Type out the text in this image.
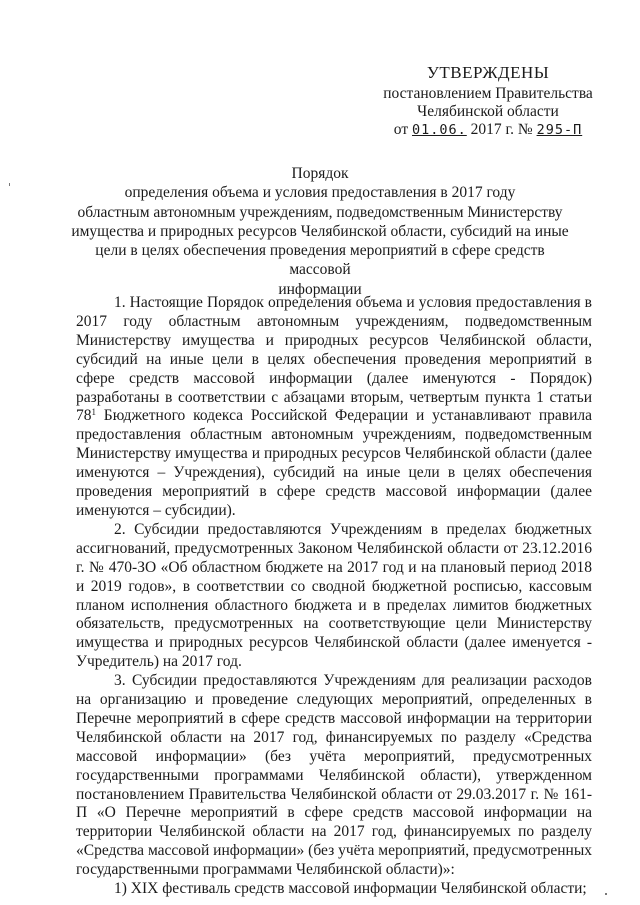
УТВЕРЖДЕНЫ
постановлением Правительства
Челябинской области
от 01.06. 2017 г. № 295-П
Порядок
определения объема и условия предоставления в 2017 году
областным автономным учреждениям, подведомственным Министерству
имущества и природных ресурсов Челябинской области, субсидий на иные
цели в целях обеспечения проведения мероприятий в сфере средств массовой
информации

1. Настоящие Порядок определения объема и условия предоставления в 2017 году областным автономным учреждениям, подведомственным Министерству имущества и природных ресурсов Челябинской области, субсидий на иные цели в целях обеспечения проведения мероприятий в сфере средств массовой информации (далее именуются - Порядок) разработаны в соответствии с абзацами вторым, четвертым пункта 1 статьи $78^1$ Бюджетного кодекса Российской Федерации и устанавливают правила предоставления областным автономным учреждениям, подведомственным Министерству имущества и природных ресурсов Челябинской области (далее именуются – Учреждения), субсидий на иные цели в целях обеспечения проведения мероприятий в сфере средств массовой информации (далее именуются – субсидии).

2. Субсидии предоставляются Учреждениям в пределах бюджетных ассигнований, предусмотренных Законом Челябинской области от 23.12.2016 г. № 470-ЗО «Об областном бюджете на 2017 год и на плановый период 2018 и 2019 годов», в соответствии со сводной бюджетной росписью, кассовым планом исполнения областного бюджета и в пределах лимитов бюджетных обязательств, предусмотренных на соответствующие цели Министерству имущества и природных ресурсов Челябинской области (далее именуется - Учредитель) на 2017 год.

3. Субсидии предоставляются Учреждениям для реализации расходов на организацию и проведение следующих мероприятий, определенных в Перечне мероприятий в сфере средств массовой информации на территории Челябинской области на 2017 год, финансируемых по разделу «Средства массовой информации» (без учёта мероприятий, предусмотренных государственными программами Челябинской области), утвержденном постановлением Правительства Челябинской области от 29.03.2017 г. № 161-П «О Перечне мероприятий в сфере средств массовой информации на территории Челябинской области на 2017 год, финансируемых по разделу «Средства массовой информации» (без учёта мероприятий, предусмотренных государственными программами Челябинской области)»:

1) XIX фестиваль средств массовой информации Челябинской области;
